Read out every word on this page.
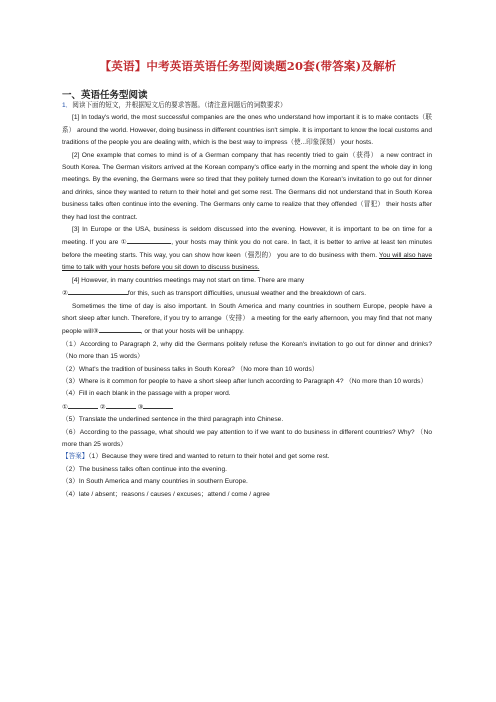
【英语】中考英语英语任务型阅读题20套(带答案)及解析
一、英语任务型阅读

1．阅读下面的短文，并根据短文后的要求答题。（请注意问题后的词数要求）

[1] In today's world, the most successful companies are the ones who understand how important it is to make contacts（联系） around the world. However, doing business in different countries isn't simple. It is important to know the local customs and traditions of the people you are dealing with, which is the best way to impress（使...印象深刻） your hosts.

[2] One example that comes to mind is of a German company that has recently tried to gain（获得） a new contract in South Korea. The German visitors arrived at the Korean company's office early in the morning and spent the whole day in long meetings. By the evening, the Germans were so tired that they politely turned down the Korean's invitation to go out for dinner and drinks, since they wanted to return to their hotel and get some rest. The Germans did not understand that in South Korea business talks often continue into the evening. The Germans only came to realize that they offended（冒犯） their hosts after they had lost the contract.

[3] In Europe or the USA, business is seldom discussed into the evening. However, it is important to be on time for a meeting. If you are ①	, your hosts may think you do not care. In fact, it is better to arrive at least ten minutes before the meeting starts. This way, you can show how keen（强烈的） you are to do business with them. You will also have time to talk with your hosts before you sit down to discuss business.

[4] However, in many countries meetings may not start on time. There are many
②	for this, such as transport difficulties, unusual weather and the breakdown of cars.

Sometimes the time of day is also important. In South America and many countries in southern Europe, people have a short sleep after lunch. Therefore, if you try to arrange（安排） a meeting for the early afternoon, you may find that not many people will③	, or that your hosts will be unhappy.

（1）According to Paragraph 2, why did the Germans politely refuse the Korean's invitation to go out for dinner and drinks? （No more than 15 words）

（2）What's the tradition of business talks in South Korea? （No more than 10 words）

（3）Where is it common for people to have a short sleep after lunch according to Paragraph 4? （No more than 10 words）

（4）Fill in each blank in the passage with a proper word.

①	②	③

（5）Translate the underlined sentence in the third paragraph into Chinese.

（6）According to the passage, what should we pay attention to if we want to do business in different countries? Why? （No more than 25 words）

【答案】（1）Because they were tired and wanted to return to their hotel and get some rest.

（2）The business talks often continue into the evening.

（3）In South America and many countries in southern Europe.

（4）late / absent；reasons / causes / excuses；attend / come / agree
